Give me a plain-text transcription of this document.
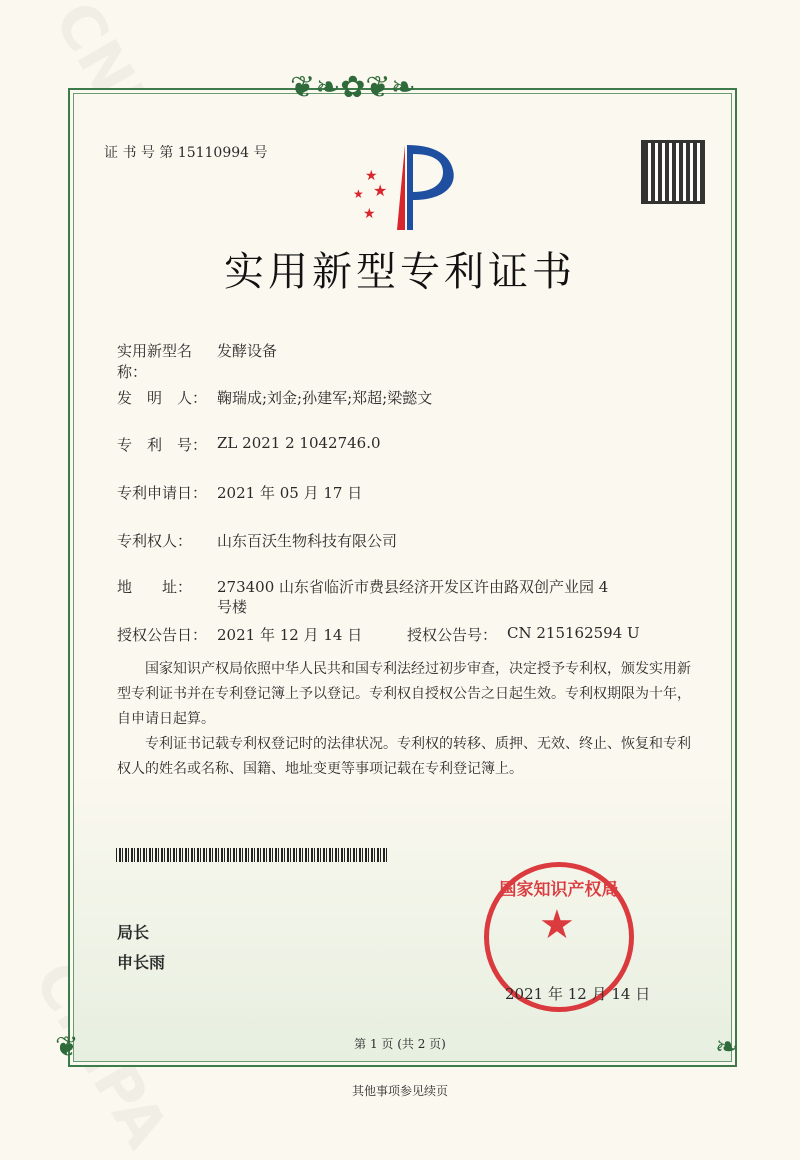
❦❧✿❦❧
❦	❧
证 书 号 第 15110994 号
★
★ ★
★
实用新型专利证书
实用新型名称：
发酵设备
发　明　人： 鞠瑞成;刘金;孙建军;郑超;梁懿文
专　利　号： ZL 2021 2 1042746.0
专利申请日： 2021 年 05 月 17 日
专利权人：	山东百沃生物科技有限公司
地　　址：	273400 山东省临沂市费县经济开发区许由路双创产业园 4 号楼
授权公告日： 2021 年 12 月 14 日	授权公告号： CN 215162594 U
国家知识产权局依照中华人民共和国专利法经过初步审查，决定授予专利权，颁发实用新型专利证书并在专利登记簿上予以登记。专利权自授权公告之日起生效。专利权期限为十年，自申请日起算。
专利证书记载专利权登记时的法律状况。专利权的转移、质押、无效、终止、恢复和专利权人的姓名或名称、国籍、地址变更等事项记载在专利登记簿上。
局长
申长雨
国家知识产权局
★
2021 年 12 月 14 日
第 1 页 (共 2 页)
其他事项参见续页
